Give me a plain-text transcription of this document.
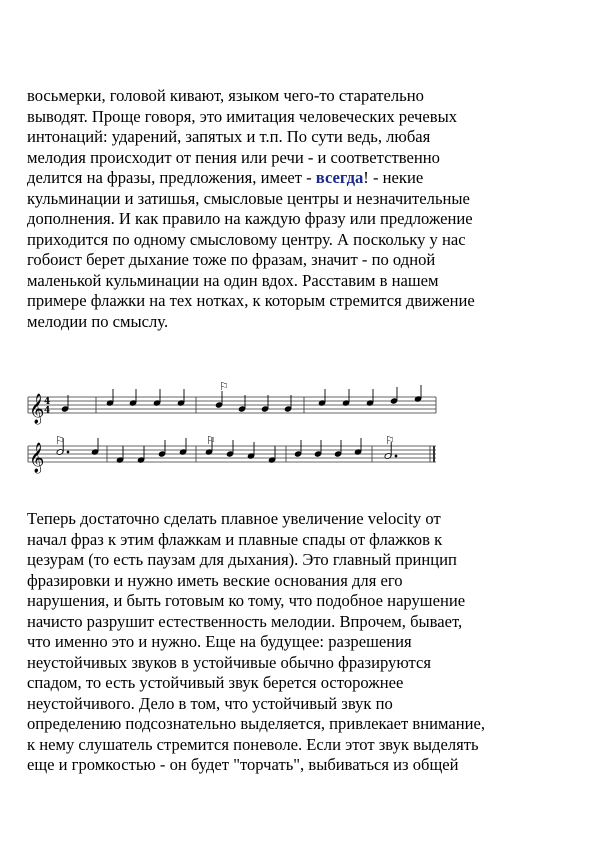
восьмерки, головой кивают, языком чего-то старательно
выводят. Проще говоря, это имитация человеческих речевых
интонаций: ударений, запятых и т.п. По сути ведь, любая
мелодия происходит от пения или речи - и соответственно
делится на фразы, предложения, имеет - всегда! - некие
кульминации и затишья, смысловые центры и незначительные
дополнения. И как правило на каждую фразу или предложение
приходится по одному смысловому центру. А поскольку у нас
гобоист берет дыхание тоже по фразам, значит - по одной
маленькой кульминации на один вдох. Расставим в нашем
примере флажки на тех нотках, к которым стремится движение
мелодии по смыслу.
𝄞 4
4
⚐
𝄞
⚐	⚐	⚐
Теперь достаточно сделать плавное увеличение velocity от
начал фраз к этим флажкам и плавные спады от флажков к
цезурам (то есть паузам для дыхания). Это главный принцип
фразировки и нужно иметь веские основания для его
нарушения, и быть готовым ко тому, что подобное нарушение
начисто разрушит естественность мелодии. Впрочем, бывает,
что именно это и нужно. Еще на будущее: разрешения
неустойчивых звуков в устойчивые обычно фразируются
спадом, то есть устойчивый звук берется осторожнее
неустойчивого. Дело в том, что устойчивый звук по
определению подсознательно выделяется, привлекает внимание,
к нему слушатель стремится поневоле. Если этот звук выделять
еще и громкостью - он будет "торчать", выбиваться из общей
